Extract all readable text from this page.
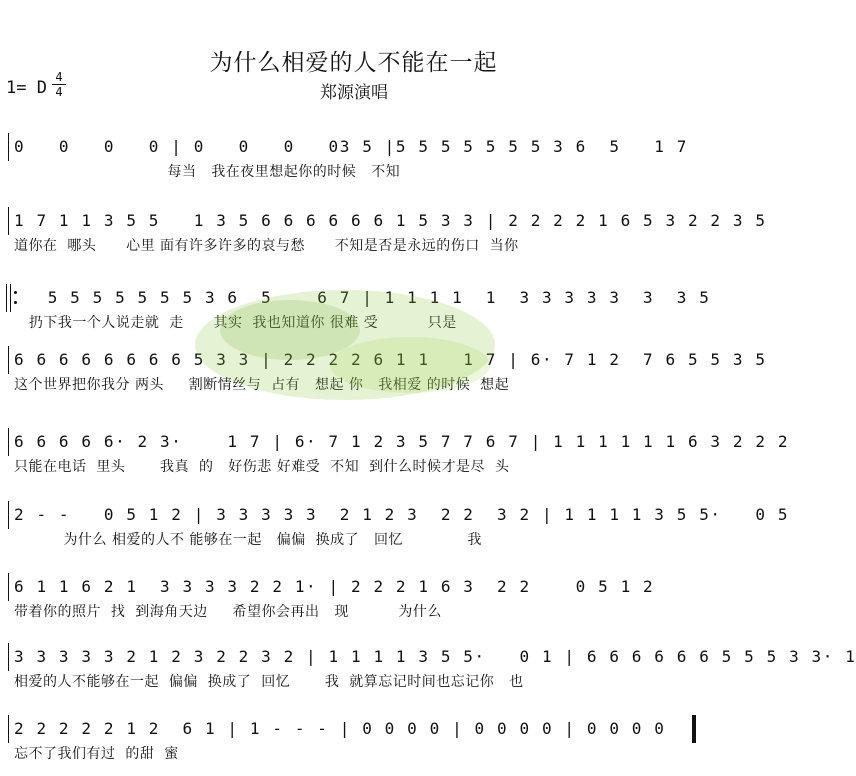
为什么相爱的人不能在一起
1= D
4
4	郑源演唱
0   0   0   0 | 0   0   0   03 5 |5 5 5 5 5 5 5 3 6  5   1 7
每当   我在夜里想起你的时候   不知
1 7 1 1 3 5 5   1 3 5 6 6 6 6 6 6 1 5 3 3 | 2 2 2 2 1 6 5 3 2 2 3 5
道你在  哪头      心里 面有许多许多的哀与愁      不知是否是永远的伤口  当你
5 5 5 5 5 5 5 3 6  5    6 7 | 1 1 1 1  1  3 3 3 3 3  3  3 5
扔下我一个人说走就  走      其实  我也知道你 很难 受          只是
6 6 6 6 6 6 6 6 5 3 3 | 2 2 2 2 6 1 1   1 7 | 6· 7 1 2  7 6 5 5 3 5
这个世界把你我分 两头     割断情丝与  占有   想起 你   我相爱 的时候  想起
6 6 6 6 6· 2 3·    1 7 | 6· 7 1 2 3 5 7 7 6 7 | 1 1 1 1 1 1 6 3 2 2 2
只能在电话  里头       我真  的   好伤悲 好难受  不知  到什么时候才是尽  头
2 - -   0 5 1 2 | 3 3 3 3 3  2 1 2 3  2 2  3 2 | 1 1 1 1 3 5 5·   0 5
为什么 相爱的人不 能够在一起   偏偏  换成了   回忆             我
6 1 1 6 2 1  3 3 3 3 2 2 1· | 2 2 2 1 6 3  2 2    0 5 1 2
带着你的照片  找  到海角天边     希望你会再出   现          为什么
3 3 3 3 3 2 1 2 3 2 2 3 2 | 1 1 1 1 3 5 5·   0 1 | 6 6 6 6 6 6 5 5 5 3 3· 1
相爱的人不能够在一起  偏偏  换成了  回忆       我  就算忘记时间也忘记你   也
2 2 2 2 2 1 2  6 1 | 1 - - - | 0 0 0 0 | 0 0 0 0 | 0 0 0 0
忘不了我们有过  的甜  蜜
